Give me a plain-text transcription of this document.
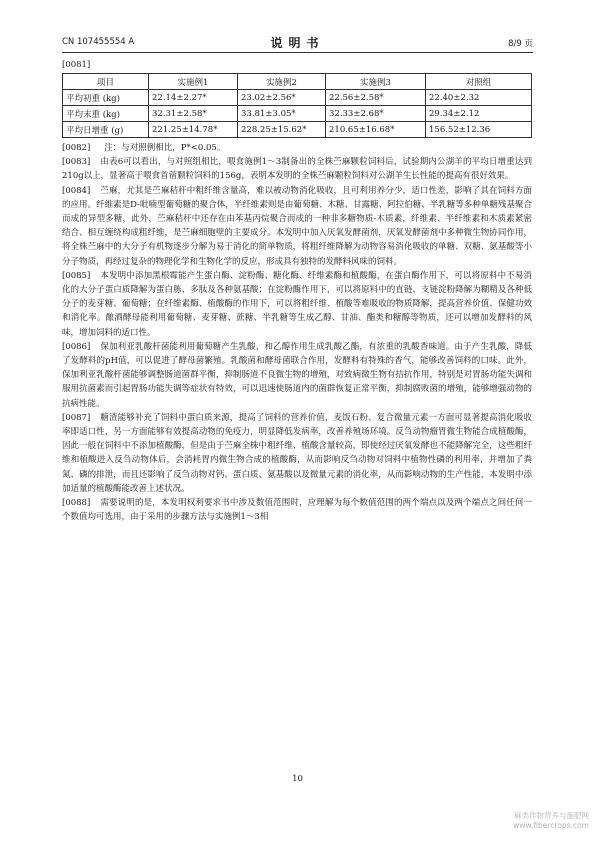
CN 107455554 A	说明书	8/9 页
[0081]
项目	实施例1	实施例2	实施例3	对照组
平均初重 (kg)	22.14±2.27*	23.02±2.56*	22.56±2.58*	22.40±2.32
平均末重 (kg)	32.31±2.58*	33.81±3.05*	32.33±2.68*	29.34±2.12
平均日增重 (g)	221.25±14.78*	228.25±15.62*	210.65±16.68*	156.52±12.36

[0082] 注：与对照例相比，P*<0.05。

[0083] 由表6可以看出，与对照组相比，喂食施例1～3制备出的全株苎麻颗粒饲料后，试验期内公湖羊的平均日增重达到210g以上，显著高于喂食首蓿颗粒饲料的156g，表明本发明的全株苎麻颗粒饲料对公湖羊生长性能的提高有很好效果。

[0084] 苎麻，尤其是苎麻秸秆中粗纤维含量高，难以被动物消化吸收，且可利用养分少，适口性差，影响了其在饲料方面的应用。纤维素是D-吡喃型葡萄糖的聚合体，半纤维素则是由葡萄糖、木糖、甘露糖、阿拉伯糖、半乳糖等多种单糖残基聚合而成的异型多糖，此外，苎麻秸秆中还存在由苯基丙烷聚合而成的一种非多糖物质-木质素，纤维素、半纤维素和木质素紧密结合、相互缠绕构成粗纤维，是苎麻细胞壁的主要成分。本发明中加入厌氧发酵菌剂，厌氧发酵菌剂中多种微生物协同作用，将全株苎麻中的大分子有机物逐步分解为易于消化的简单物质，将粗纤维降解为动物容易消化吸收的单糖、双糖、氨基酸等小分子物质，再经过复杂的物理化学和生物化学的反应，形成具有独特的发酵料风味的饲料。

[0085] 本发明中添加黑根霉能产生蛋白酶、淀粉酶、糖化酶、纤维素酶和植酸酶，在蛋白酶作用下，可以将原料中不易消化的大分子蛋白质降解为蛋白胨、多肽及各种氨基酸；在淀粉酶作用下，可以将原料中的直链、支链淀粉降解为糊精及各种低分子的麦芽糖、葡萄糖；在纤维素酶、植酸酶的作用下，可以将粗纤维、植酸等难吸收的物质降解，提高营养价值、保健功效和消化率。酿酒酵母能利用葡萄糖、麦芽糖、蔗糖、半乳糖等生成乙醇、甘油、酯类和糖醇等物质，还可以增加发酵料的风味，增加饲料的适口性。

[0086] 保加利亚乳酸杆菌能利用葡萄糖产生乳酸，和乙醇作用生成乳酸乙酯，有浓重的乳酸香味道。由于产生乳酸，降低了发酵料的pH值，可以促进了酵母菌繁殖。乳酸菌和酵母菌联合作用，发酵料有特殊的香气，能够改善饲料的口味。此外，保加利亚乳酸杆菌能够调整肠道菌群平衡，抑制肠道不良微生物的增殖，对致病微生物有拮抗作用，特别是对胃肠功能失调和服用抗菌素而引起胃肠功能失调等症状有特效，可以迅速使肠道内的菌群恢复正常平衡，抑制腐败菌的增殖，能够增强动物的抗病性能。

[0087] 糖渣能够补充了饲料中蛋白质来源，提高了饲料的营养价值，麦饭石粉、复合微量元素一方面可显著提高消化吸收率即适口性，另一方面能够有效提高动物的免疫力，明显降低发病率，改善养殖场环境。反刍动物瘤胃微生物能合成植酸酶，因此一般在饲料中不添加植酸酶，但是由于苎麻全株中粗纤维、植酸含量较高，即使经过厌氧发酵也不能降解完全，这些粗纤维和植酸进入反刍动物体后，会消耗胃内微生物合成的植酸酶，从而影响反刍动物对饲料中植物性磷的利用率，并增加了粪氮、磷的排泄，而且还影响了反刍动物对钙、蛋白质、氨基酸以及微量元素的消化率，从而影响动物的生产性能，本发明中添加适量的植酸酶能改善上述状况。

[0088] 需要说明的是，本发明权利要求书中涉及数值范围时，应理解为每个数值范围的两个端点以及两个端点之间任何一个数值均可选用，由于采用的步骤方法与实施例1～3相

10
麻类作物营养与施肥网
www.fibercrops.com
